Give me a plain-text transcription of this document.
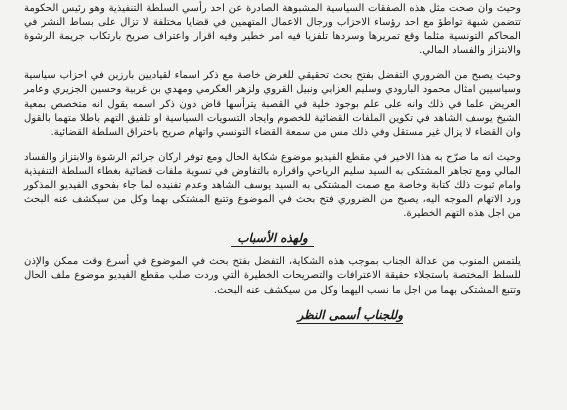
وحيث وان صحت مثل هذه الصفقات السياسية المشبوهة الصادرة عن احد رأسي السلطة التنفيذية وهو رئيس الحكومة تتضمن شبهة تواطؤ مع احد رؤساء الاحزاب ورجال الاعمال المتهمين في قضايا مختلفة لا تزال على بساط النشر في المحاكم التونسية مثلما وقع تمريرها وسردها تلفزيا فيه امر خطير وفيه اقرار واعتراف صريح بارتكاب جريمة الرشوة والابتزاز والفساد المالي.

وحيث يصبح من الضروري التفضل بفتح بحث تحقيقي للغرض خاصة مع ذكر اسماء لقياديين بارزين في احزاب سياسية وسياسيين امثال محمود البارودي وسليم العزابي ونبيل القروي ولزهر العكرمي ومهدي بن غربية وحسين الجزيري وعامر العريض علما في ذلك وانه على علم بوجود خلية في القصبة يترأسها قاض دون ذكر اسمه يقول انه متخصص بمعية الشيخ يوسف الشاهد في تكوين الملفات القضائية للخصوم وايجاد التسويات السياسية او تلفيق التهم باطلا متهما بالقول وان القضاء لا يزال غير مستقل وفي ذلك مس من سمعة القضاء التونسي واتهام صريح باختراق السلطة القضائية.

وحيث انه ما صرّح به هذا الاخير في مقطع الفيديو موضوع شكاية الحال ومع توفر اركان جرائم الرشوة والابتزاز والفساد المالي ومع تجاهر المشتكى به السيد سليم الرياحي واقراره بالتفاوض في تسوية ملفات قضائية بغطاء السلطة التنفيذية وامام ثبوت ذلك كتابة وخاصة مع صمت المشتكى به السيد يوسف الشاهد وعدم تفنيده لما جاء بفحوى الفيديو المذكور ورد الاتهام الموجه اليه، يصبح من الضروري فتح بحث في الموضوع وتتبع المشتكى بهما وكل من سيكشف عنه البحث من اجل هذه التهم الخطيرة.

ولهذه الأسباب

يلتمس المنوب من عدالة الجناب بموجب هذه الشكاية، التفضل بفتح بحث في الموضوع في أسرع وقت ممكن والإذن للسلط المختصة باستجلاء حقيقة الاعترافات والتصريحات الخطيرة التي وردت صلب مقطع الفيديو موضوع ملف الحال وتتبع المشتكى بهما من اجل ما نسب اليهما وكل من سيكشف عنه البحث.

وللجناب أسمى النظر
